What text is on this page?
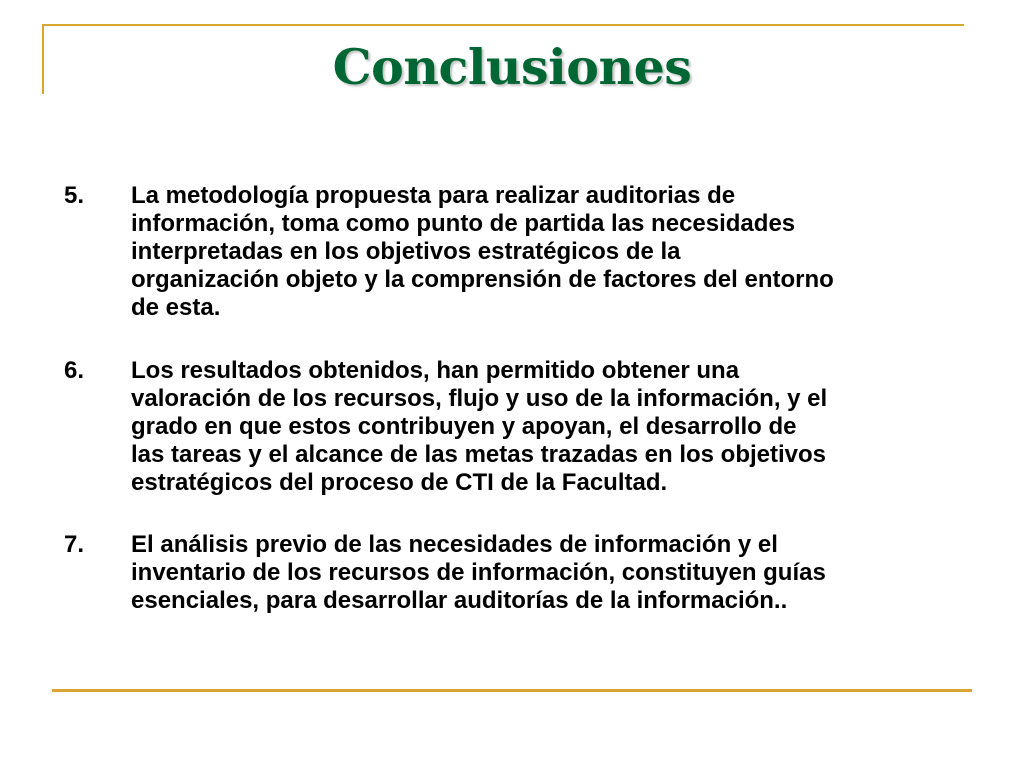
Conclusiones
5. La metodología propuesta para realizar auditorias de
información, toma como punto de partida las necesidades
interpretadas en los objetivos estratégicos de la
organización objeto y la comprensión de factores del entorno
de esta.
6. Los resultados obtenidos, han permitido obtener una
valoración de los recursos, flujo y uso de la información, y el
grado en que estos contribuyen y apoyan, el desarrollo de
las tareas y el alcance de las metas trazadas en los objetivos
estratégicos del proceso de CTI de la Facultad.
7. El análisis previo de las necesidades de información y el
inventario de los recursos de información, constituyen guías
esenciales, para desarrollar auditorías de la información..
